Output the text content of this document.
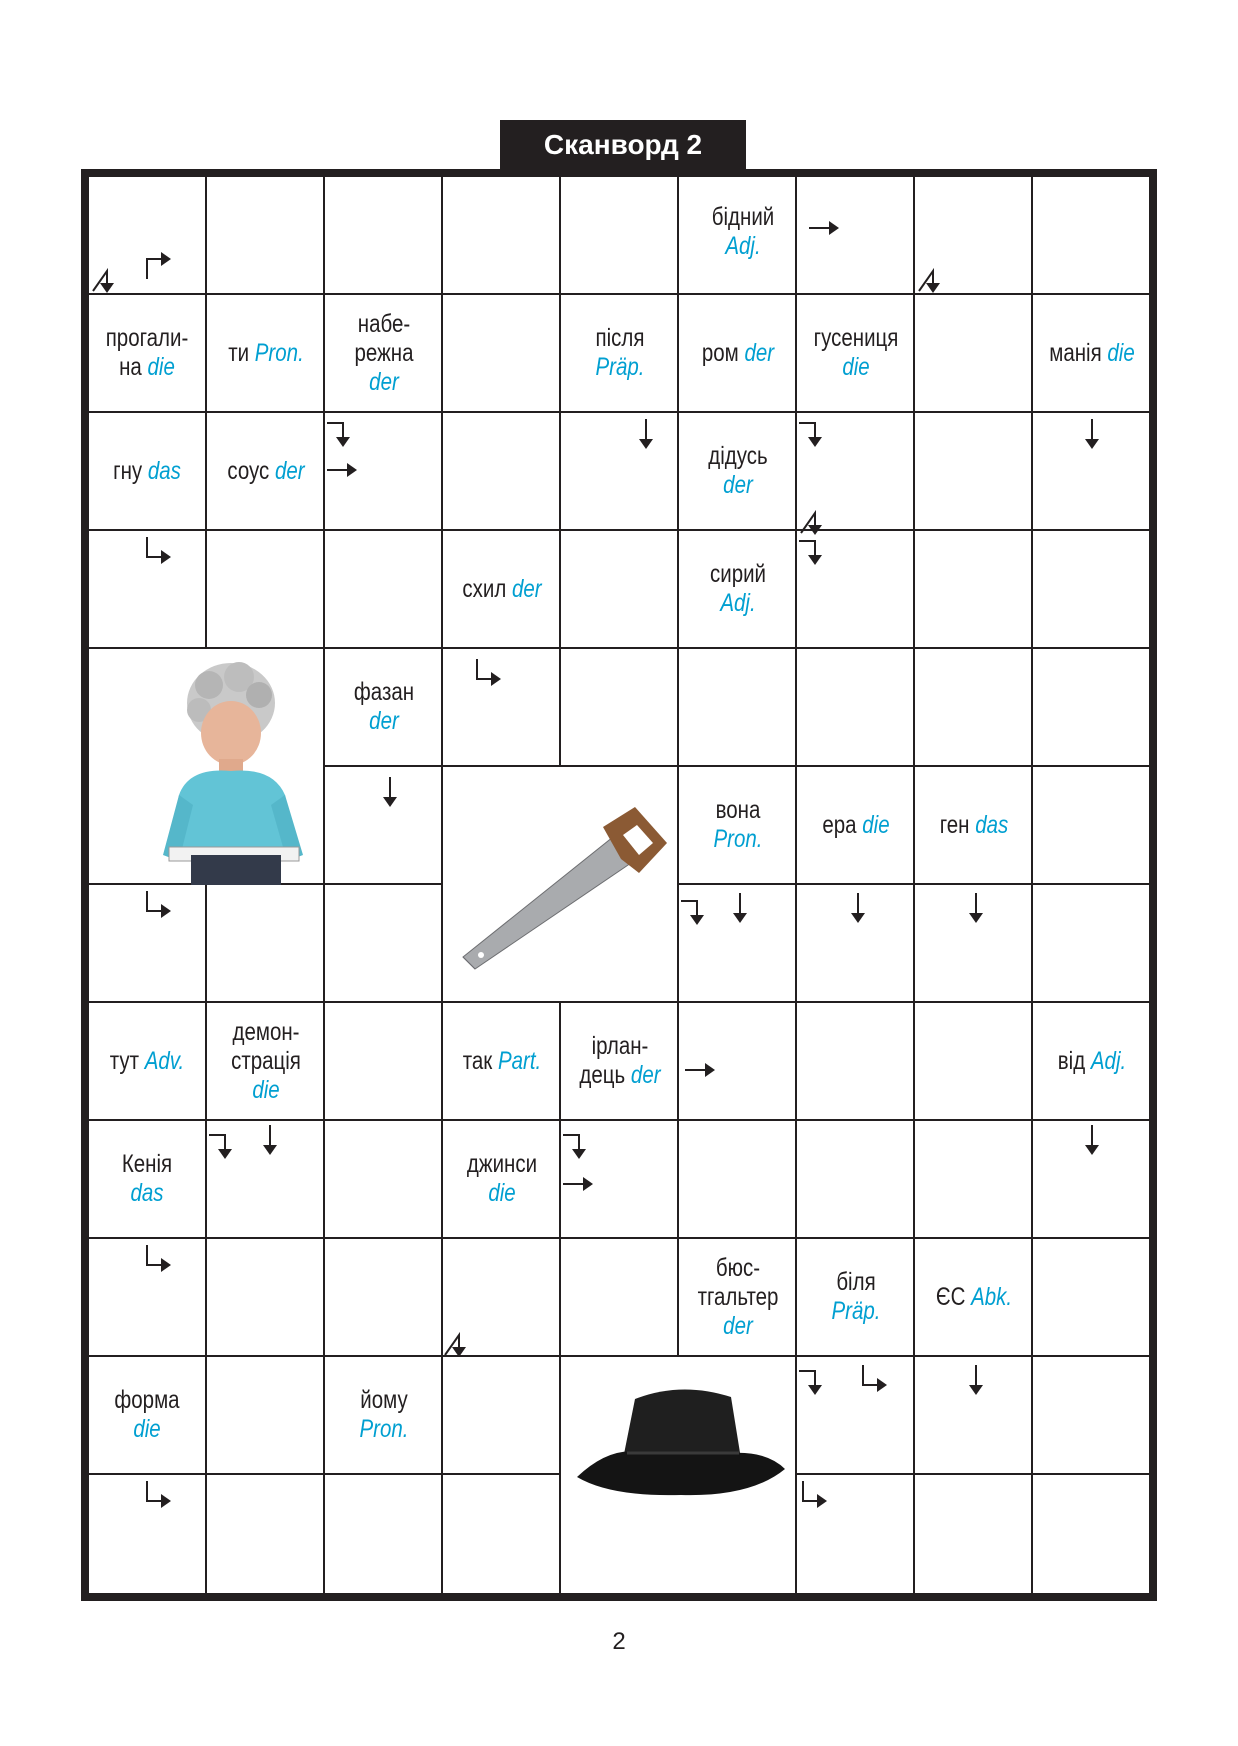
Сканворд 2
бідний
Adj.
прогали-
на die
ти Pron.
набе-
режна
der
після
Präp.
ром der
гусениця
die
манія die
гну das соус der
дідусь
der
схил der
сирий
Adj.
фазан
der
вона
Pron.
ера die ген das
тут Adv.
демон-
страція
die
так Part.
ірлан-
дець der
від Adj.
Кенія
das
джинси
die
бюс-
тгальтер
der
біля
Präp.
ЄС Abk.
форма
die
йому
Pron.
2
